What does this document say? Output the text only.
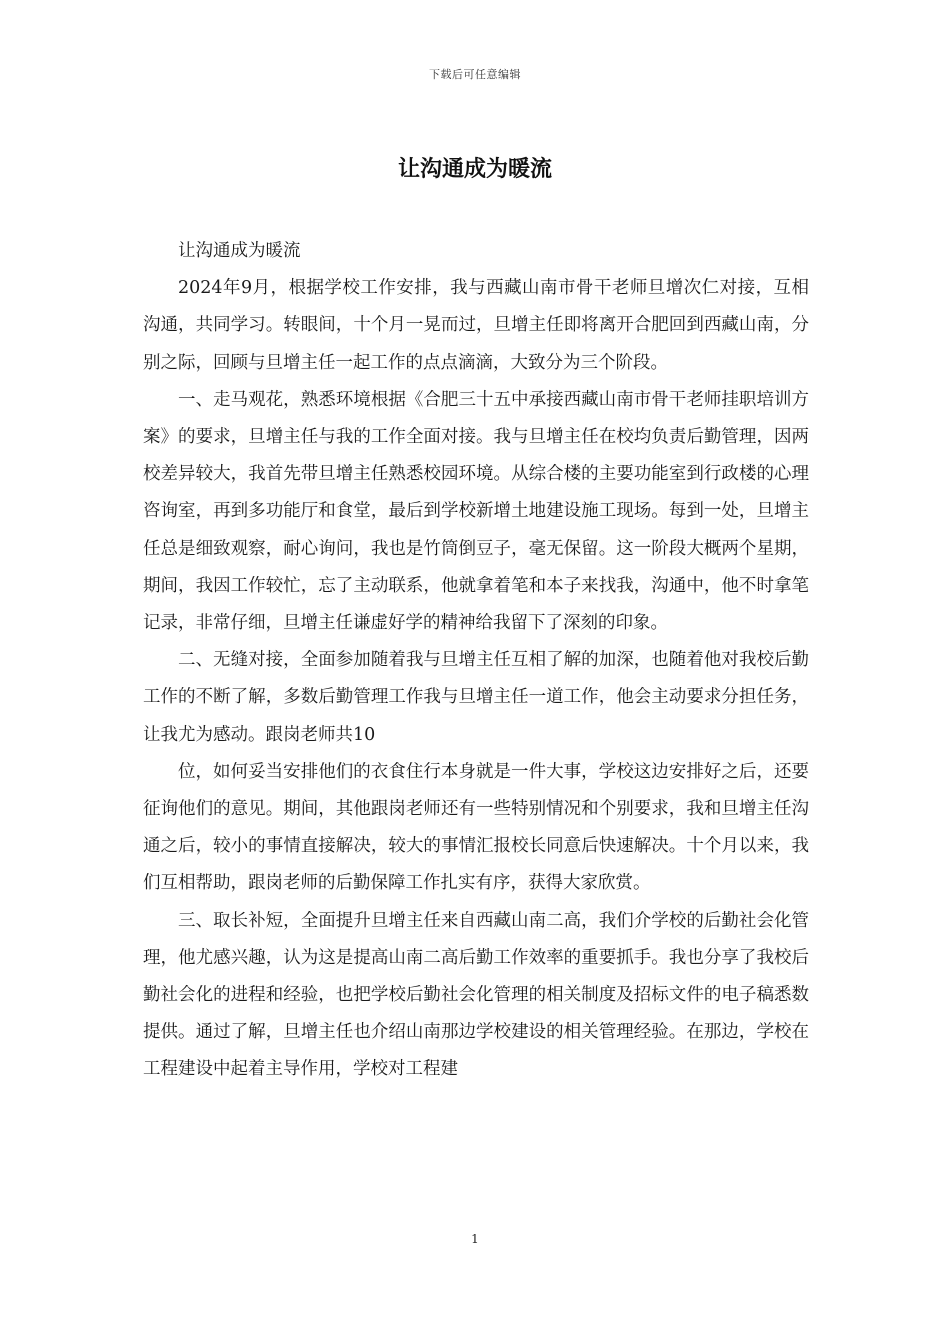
下载后可任意编辑
让沟通成为暖流

让沟通成为暖流

2024年9月，根据学校工作安排，我与西藏山南市骨干老师旦增次仁对接，互相沟通，共同学习。转眼间，十个月一晃而过，旦增主任即将离开合肥回到西藏山南，分别之际，回顾与旦增主任一起工作的点点滴滴，大致分为三个阶段。

一、走马观花，熟悉环境根据《合肥三十五中承接西藏山南市骨干老师挂职培训方案》的要求，旦增主任与我的工作全面对接。我与旦增主任在校均负责后勤管理，因两校差异较大，我首先带旦增主任熟悉校园环境。从综合楼的主要功能室到行政楼的心理咨询室，再到多功能厅和食堂，最后到学校新增土地建设施工现场。每到一处，旦增主任总是细致观察，耐心询问，我也是竹筒倒豆子，毫无保留。这一阶段大概两个星期，期间，我因工作较忙，忘了主动联系，他就拿着笔和本子来找我，沟通中，他不时拿笔记录，非常仔细，旦增主任谦虚好学的精神给我留下了深刻的印象。

二、无缝对接，全面参加随着我与旦增主任互相了解的加深，也随着他对我校后勤工作的不断了解，多数后勤管理工作我与旦增主任一道工作，他会主动要求分担任务，让我尤为感动。跟岗老师共10

位，如何妥当安排他们的衣食住行本身就是一件大事，学校这边安排好之后，还要征询他们的意见。期间，其他跟岗老师还有一些特别情况和个别要求，我和旦增主任沟通之后，较小的事情直接解决，较大的事情汇报校长同意后快速解决。十个月以来，我们互相帮助，跟岗老师的后勤保障工作扎实有序，获得大家欣赏。

三、取长补短，全面提升旦增主任来自西藏山南二高，我们介学校的后勤社会化管理，他尤感兴趣，认为这是提高山南二高后勤工作效率的重要抓手。我也分享了我校后勤社会化的进程和经验，也把学校后勤社会化管理的相关制度及招标文件的电子稿悉数提供。通过了解，旦增主任也介绍山南那边学校建设的相关管理经验。在那边，学校在工程建设中起着主导作用，学校对工程建

1
